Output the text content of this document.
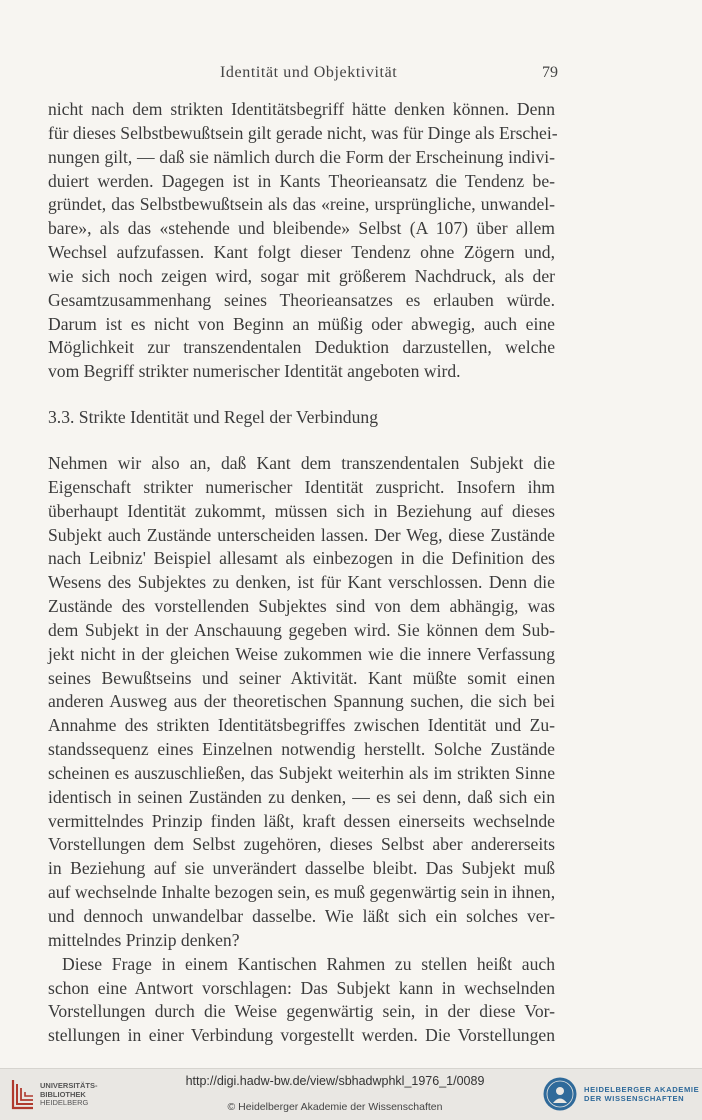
Identität und Objektivität	79
nicht nach dem strikten Identitätsbegriff hätte denken können. Denn
für dieses Selbstbewußtsein gilt gerade nicht, was für Dinge als Erschei-
nungen gilt, — daß sie nämlich durch die Form der Erscheinung indivi-
duiert werden. Dagegen ist in Kants Theorieansatz die Tendenz be-
gründet, das Selbstbewußtsein als das «reine, ursprüngliche, unwandel-
bare», als das «stehende und bleibende» Selbst (A 107) über allem
Wechsel aufzufassen. Kant folgt dieser Tendenz ohne Zögern und,
wie sich noch zeigen wird, sogar mit größerem Nachdruck, als der
Gesamtzusammenhang seines Theorieansatzes es erlauben würde.
Darum ist es nicht von Beginn an müßig oder abwegig, auch eine
Möglichkeit zur transzendentalen Deduktion darzustellen, welche
vom Begriff strikter numerischer Identität angeboten wird.
3.3. Strikte Identität und Regel der Verbindung
Nehmen wir also an, daß Kant dem transzendentalen Subjekt die
Eigenschaft strikter numerischer Identität zuspricht. Insofern ihm
überhaupt Identität zukommt, müssen sich in Beziehung auf dieses
Subjekt auch Zustände unterscheiden lassen. Der Weg, diese Zustände
nach Leibniz' Beispiel allesamt als einbezogen in die Definition des
Wesens des Subjektes zu denken, ist für Kant verschlossen. Denn die
Zustände des vorstellenden Subjektes sind von dem abhängig, was
dem Subjekt in der Anschauung gegeben wird. Sie können dem Sub-
jekt nicht in der gleichen Weise zukommen wie die innere Verfassung
seines Bewußtseins und seiner Aktivität. Kant müßte somit einen
anderen Ausweg aus der theoretischen Spannung suchen, die sich bei
Annahme des strikten Identitätsbegriffes zwischen Identität und Zu-
standssequenz eines Einzelnen notwendig herstellt. Solche Zustände
scheinen es auszuschließen, das Subjekt weiterhin als im strikten Sinne
identisch in seinen Zuständen zu denken, — es sei denn, daß sich ein
vermittelndes Prinzip finden läßt, kraft dessen einerseits wechselnde
Vorstellungen dem Selbst zugehören, dieses Selbst aber andererseits
in Beziehung auf sie unverändert dasselbe bleibt. Das Subjekt muß
auf wechselnde Inhalte bezogen sein, es muß gegenwärtig sein in ihnen,
und dennoch unwandelbar dasselbe. Wie läßt sich ein solches ver-
mittelndes Prinzip denken?
Diese Frage in einem Kantischen Rahmen zu stellen heißt auch
schon eine Antwort vorschlagen: Das Subjekt kann in wechselnden
Vorstellungen durch die Weise gegenwärtig sein, in der diese Vor-
stellungen in einer Verbindung vorgestellt werden. Die Vorstellungen
UNIVERSITÄTS-
BIBLIOTHEK
HEIDELBERG
http://digi.hadw-bw.de/view/sbhadwphkl_1976_1/0089
© Heidelberger Akademie der Wissenschaften
HEIDELBERGER AKADEMIE
DER WISSENSCHAFTEN
